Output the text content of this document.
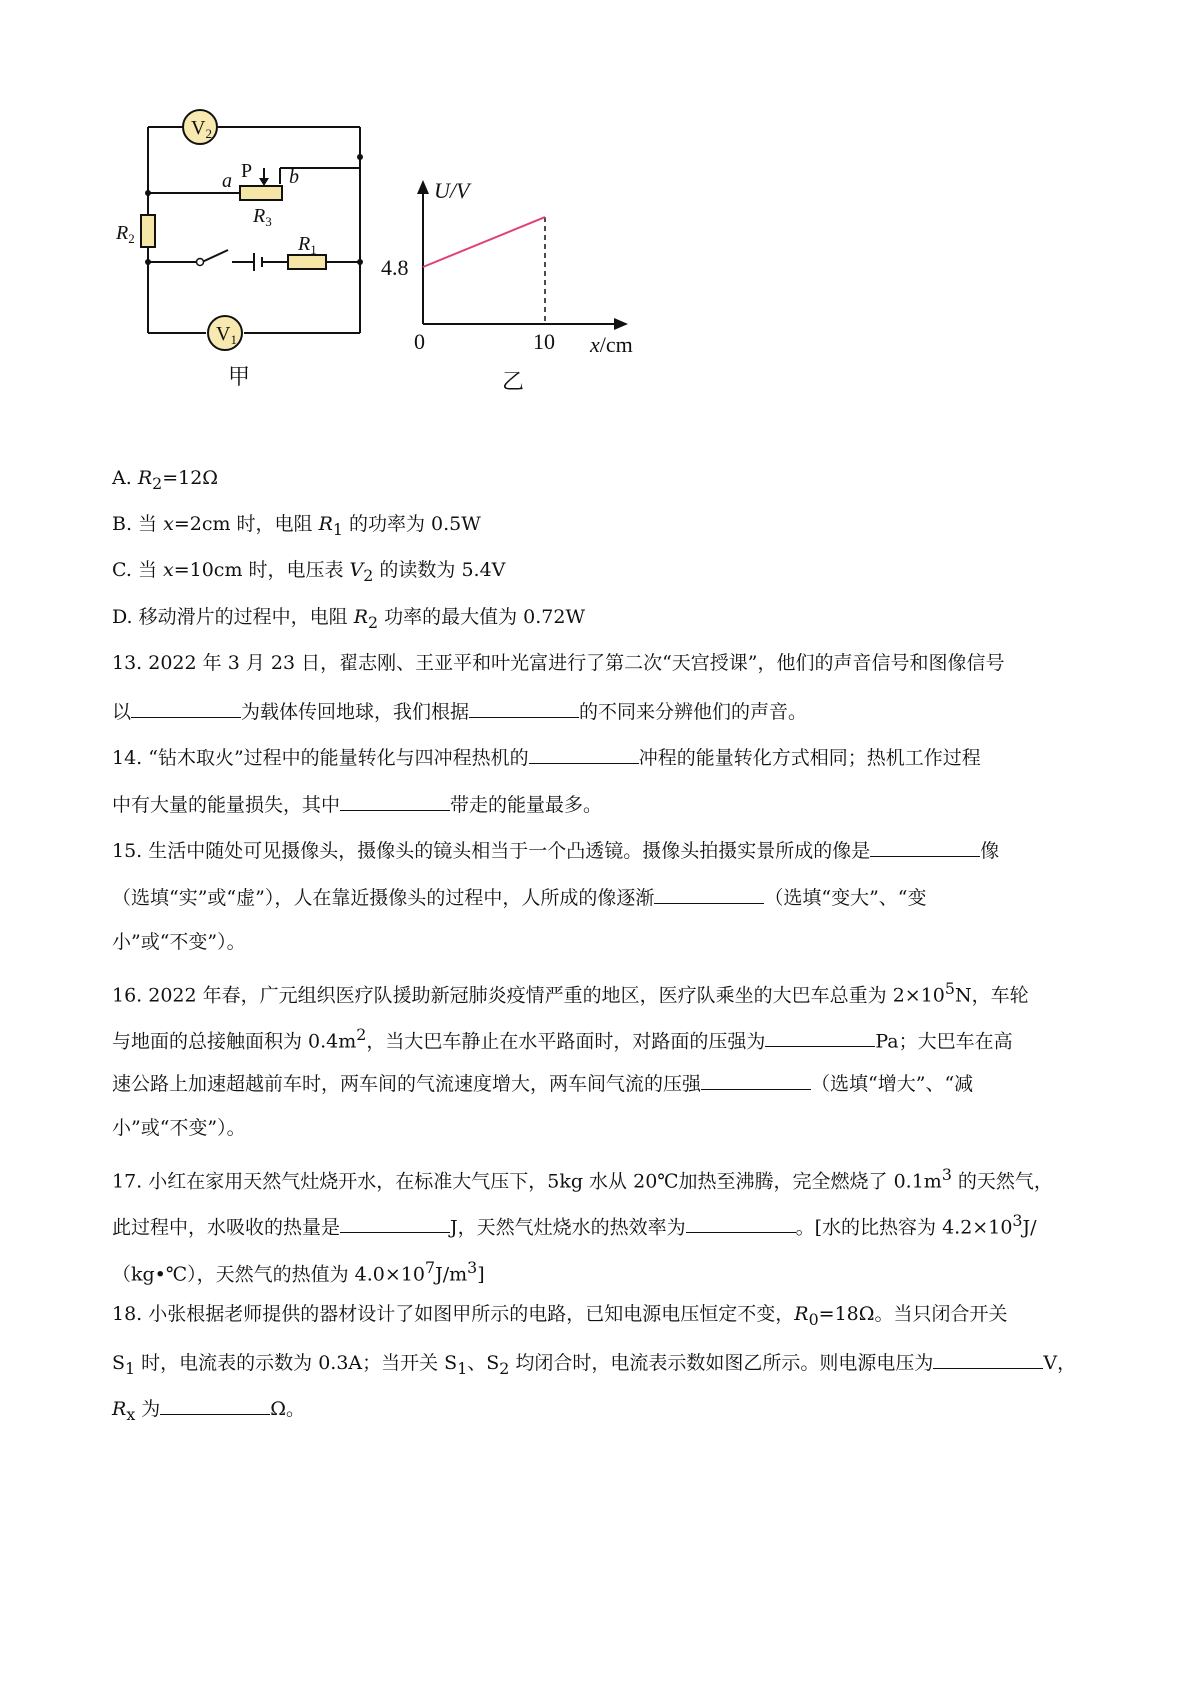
$V_2$
$V_1$
a P b
$R_3$
$R_2$	$R_1$
甲
U/V
x/cm
0
4.8
10
乙
A. $R_2=12\Omega$
B. 当 x=2cm 时，电阻 $R_1$ 的功率为 0.5W
C. 当 x=10cm 时，电压表 $V_2$ 的读数为 5.4V
D. 移动滑片的过程中，电阻 $R_2$ 功率的最大值为 0.72W
13. 2022 年 3 月 23 日，翟志刚、王亚平和叶光富进行了第二次“天宫授课”，他们的声音信号和图像信号
以	为载体传回地球，我们根据	的不同来分辨他们的声音。
14. “钻木取火”过程中的能量转化与四冲程热机的	冲程的能量转化方式相同；热机工作过程
中有大量的能量损失，其中	带走的能量最多。
15. 生活中随处可见摄像头，摄像头的镜头相当于一个凸透镜。摄像头拍摄实景所成的像是	像
（选填“实”或“虚”），人在靠近摄像头的过程中，人所成的像逐渐	（选填“变大”、“变
小”或“不变”）。
16. 2022 年春，广元组织医疗队援助新冠肺炎疫情严重的地区，医疗队乘坐的大巴车总重为 $2\times 10^5N$，车轮
与地面的总接触面积为 $0.4m^2$，当大巴车静止在水平路面时，对路面的压强为	Pa；大巴车在高
速公路上加速超越前车时，两车间的气流速度增大，两车间气流的压强	（选填“增大”、“减
小”或“不变”）。
17. 小红在家用天然气灶烧开水，在标准大气压下，5kg 水从 20℃加热至沸腾，完全燃烧了 $0.1m^3$ 的天然气，
此过程中，水吸收的热量是	J，天然气灶烧水的热效率为	。[水的比热容为 $4.2\times 10^3J/$
（kg•℃），天然气的热值为 $4.0\times 10^7J/m^3$]
18. 小张根据老师提供的器材设计了如图甲所示的电路，已知电源电压恒定不变，$R_0=18\Omega$。当只闭合开关
$S_1$ 时，电流表的示数为 0.3A；当开关 $S_1$、$S_2$ 均闭合时，电流表示数如图乙所示。则电源电压为	V，
$R_x$ 为	Ω。
